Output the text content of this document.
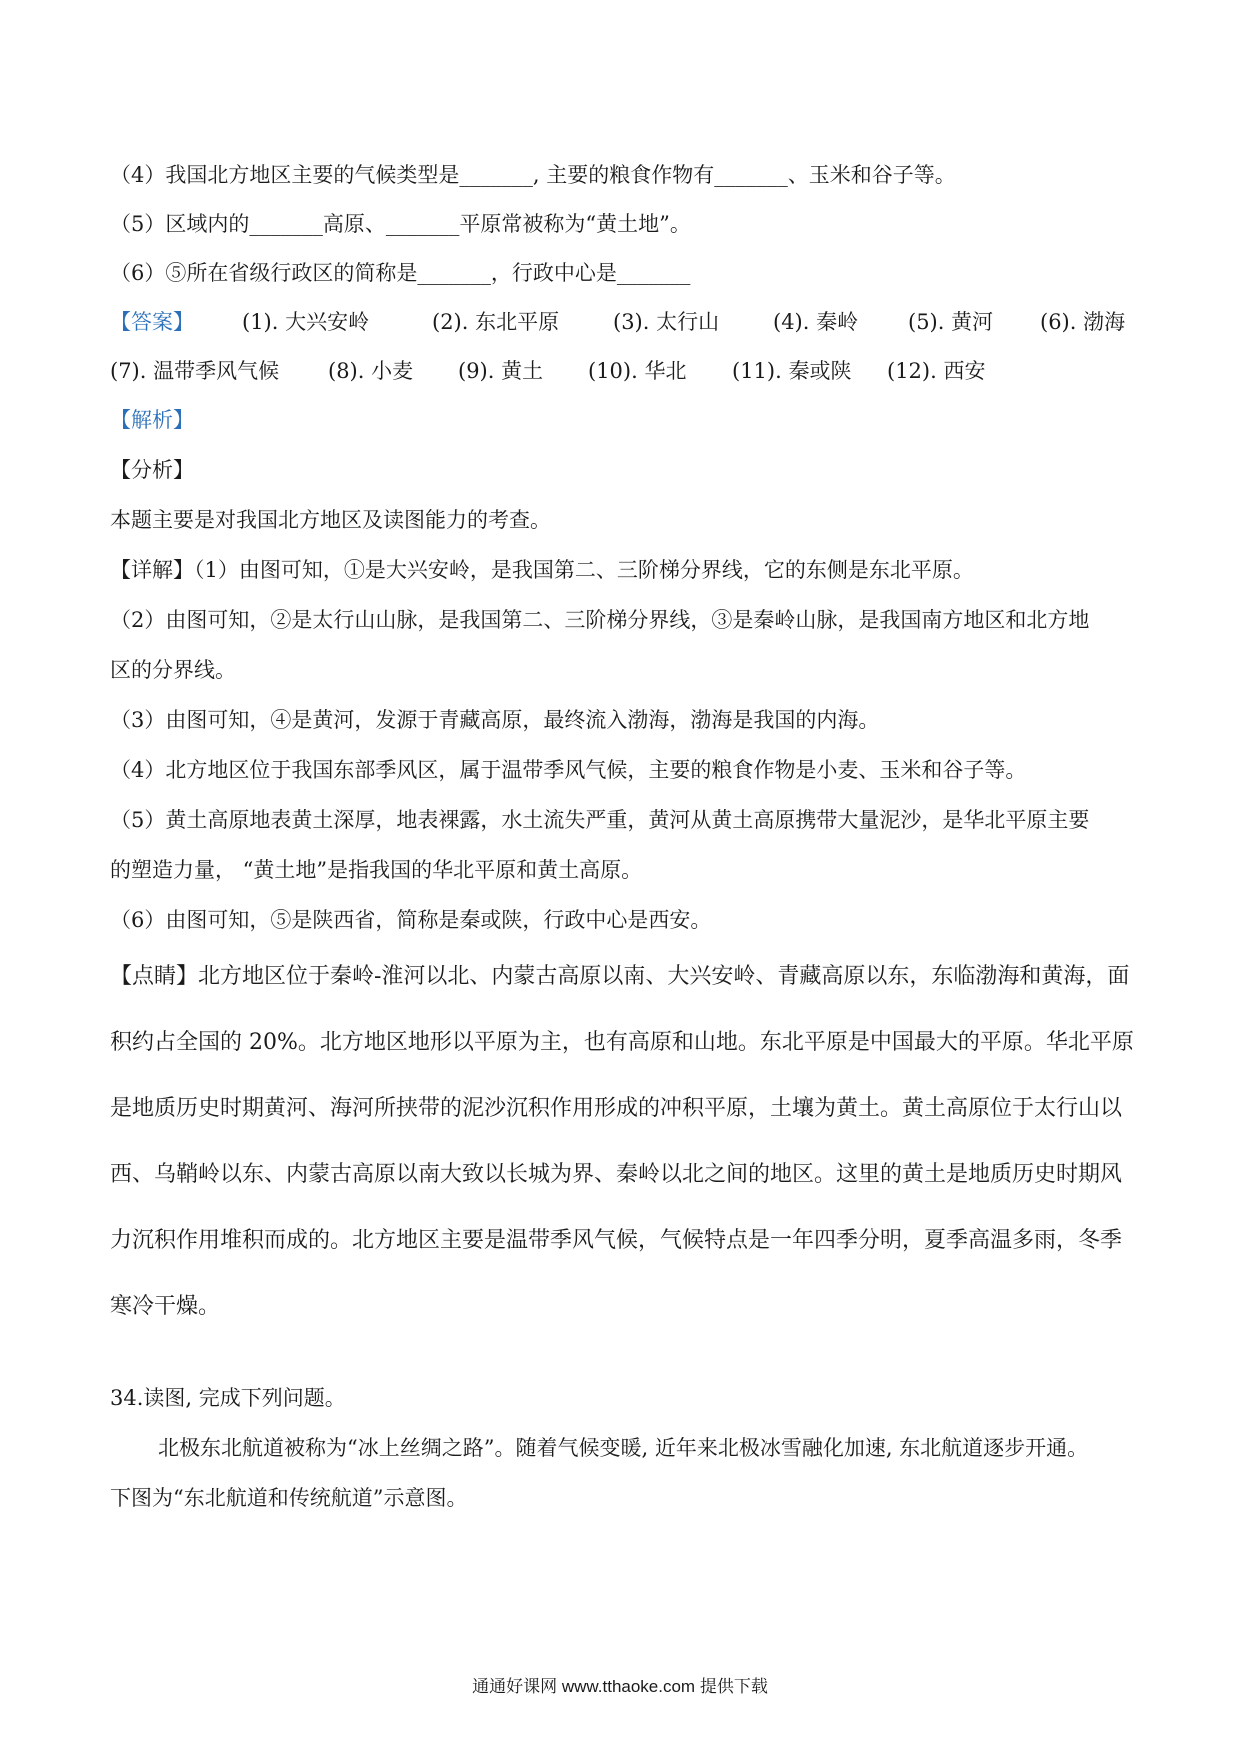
（4）我国北方地区主要的气候类型是_______, 主要的粮食作物有_______、玉米和谷子等。
（5）区域内的_______高原、_______平原常被称为“黄土地”。
（6）⑤所在省级行政区的简称是_______，行政中心是_______
【答案】 (1). 大兴安岭	(2). 东北平原	(3). 太行山	(4). 秦岭 (5). 黄河 (6). 渤海
(7). 温带季风气候 (8). 小麦 (9). 黄土 (10). 华北 (11). 秦或陕 (12). 西安
【解析】
【分析】
本题主要是对我国北方地区及读图能力的考查。
【详解】（1）由图可知，①是大兴安岭，是我国第二、三阶梯分界线，它的东侧是东北平原。
（2）由图可知，②是太行山山脉，是我国第二、三阶梯分界线，③是秦岭山脉，是我国南方地区和北方地
区的分界线。
（3）由图可知，④是黄河，发源于青藏高原，最终流入渤海，渤海是我国的内海。
（4）北方地区位于我国东部季风区，属于温带季风气候，主要的粮食作物是小麦、玉米和谷子等。
（5）黄土高原地表黄土深厚，地表裸露，水土流失严重，黄河从黄土高原携带大量泥沙，是华北平原主要
的塑造力量， “黄土地”是指我国的华北平原和黄土高原。
（6）由图可知，⑤是陕西省，简称是秦或陕，行政中心是西安。
【点睛】北方地区位于秦岭-淮河以北、内蒙古高原以南、大兴安岭、青藏高原以东，东临渤海和黄海，面
积约占全国的 20%。北方地区地形以平原为主，也有高原和山地。东北平原是中国最大的平原。华北平原
是地质历史时期黄河、海河所挟带的泥沙沉积作用形成的冲积平原，土壤为黄土。黄土高原位于太行山以
西、乌鞘岭以东、内蒙古高原以南大致以长城为界、秦岭以北之间的地区。这里的黄土是地质历史时期风
力沉积作用堆积而成的。北方地区主要是温带季风气候，气候特点是一年四季分明，夏季高温多雨，冬季
寒冷干燥。
34.读图, 完成下列问题。
北极东北航道被称为“冰上丝绸之路”。随着气候变暖, 近年来北极冰雪融化加速, 东北航道逐步开通。
下图为“东北航道和传统航道”示意图。
通通好课网 www.tthaoke.com 提供下载
